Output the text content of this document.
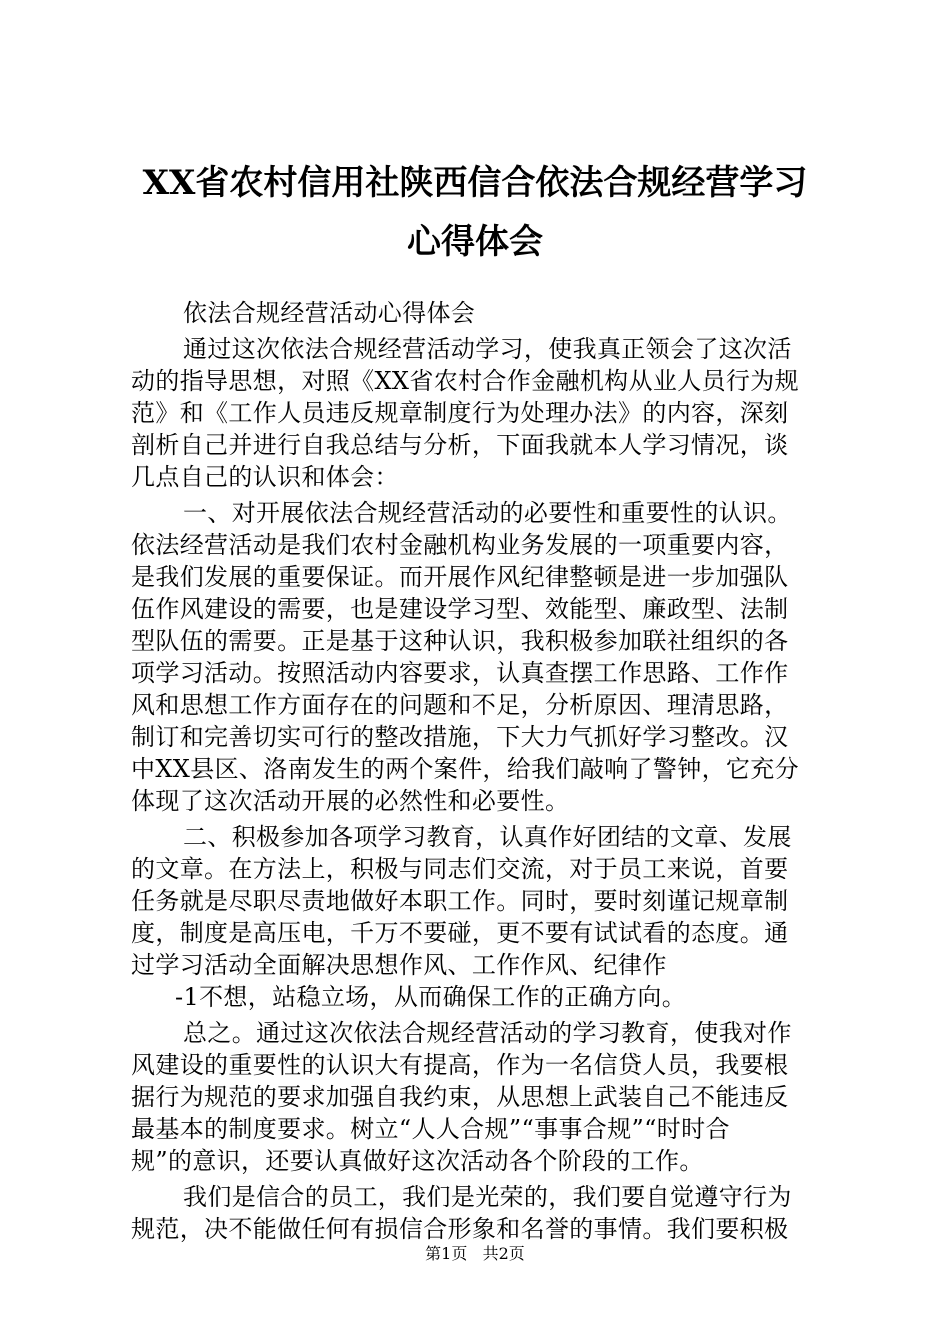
XX省农村信用社陕西信合依法合规经营学习
心得体会
依法合规经营活动心得体会
通过这次依法合规经营活动学习，使我真正领会了这次活
动的指导思想，对照《XX省农村合作金融机构从业人员行为规
范》和《工作人员违反规章制度行为处理办法》的内容，深刻
剖析自己并进行自我总结与分析，下面我就本人学习情况，谈
几点自己的认识和体会：
一、对开展依法合规经营活动的必要性和重要性的认识。
依法经营活动是我们农村金融机构业务发展的一项重要内容，
是我们发展的重要保证。而开展作风纪律整顿是进一步加强队
伍作风建设的需要，也是建设学习型、效能型、廉政型、法制
型队伍的需要。正是基于这种认识，我积极参加联社组织的各
项学习活动。按照活动内容要求，认真查摆工作思路、工作作
风和思想工作方面存在的问题和不足，分析原因、理清思路，
制订和完善切实可行的整改措施，下大力气抓好学习整改。汉
中XX县区、洛南发生的两个案件，给我们敲响了警钟，它充分
体现了这次活动开展的必然性和必要性。
二、积极参加各项学习教育，认真作好团结的文章、发展
的文章。在方法上，积极与同志们交流，对于员工来说，首要
任务就是尽职尽责地做好本职工作。同时，要时刻谨记规章制
度，制度是高压电，千万不要碰，更不要有试试看的态度。通
过学习活动全面解决思想作风、工作作风、纪律作
-1不想，站稳立场，从而确保工作的正确方向。
总之。通过这次依法合规经营活动的学习教育，使我对作
风建设的重要性的认识大有提高，作为一名信贷人员，我要根
据行为规范的要求加强自我约束，从思想上武装自己不能违反
最基本的制度要求。树立“人人合规”“事事合规”“时时合
规”的意识，还要认真做好这次活动各个阶段的工作。
我们是信合的员工，我们是光荣的，我们要自觉遵守行为
规范，决不能做任何有损信合形象和名誉的事情。我们要积极
第1页 共2页
